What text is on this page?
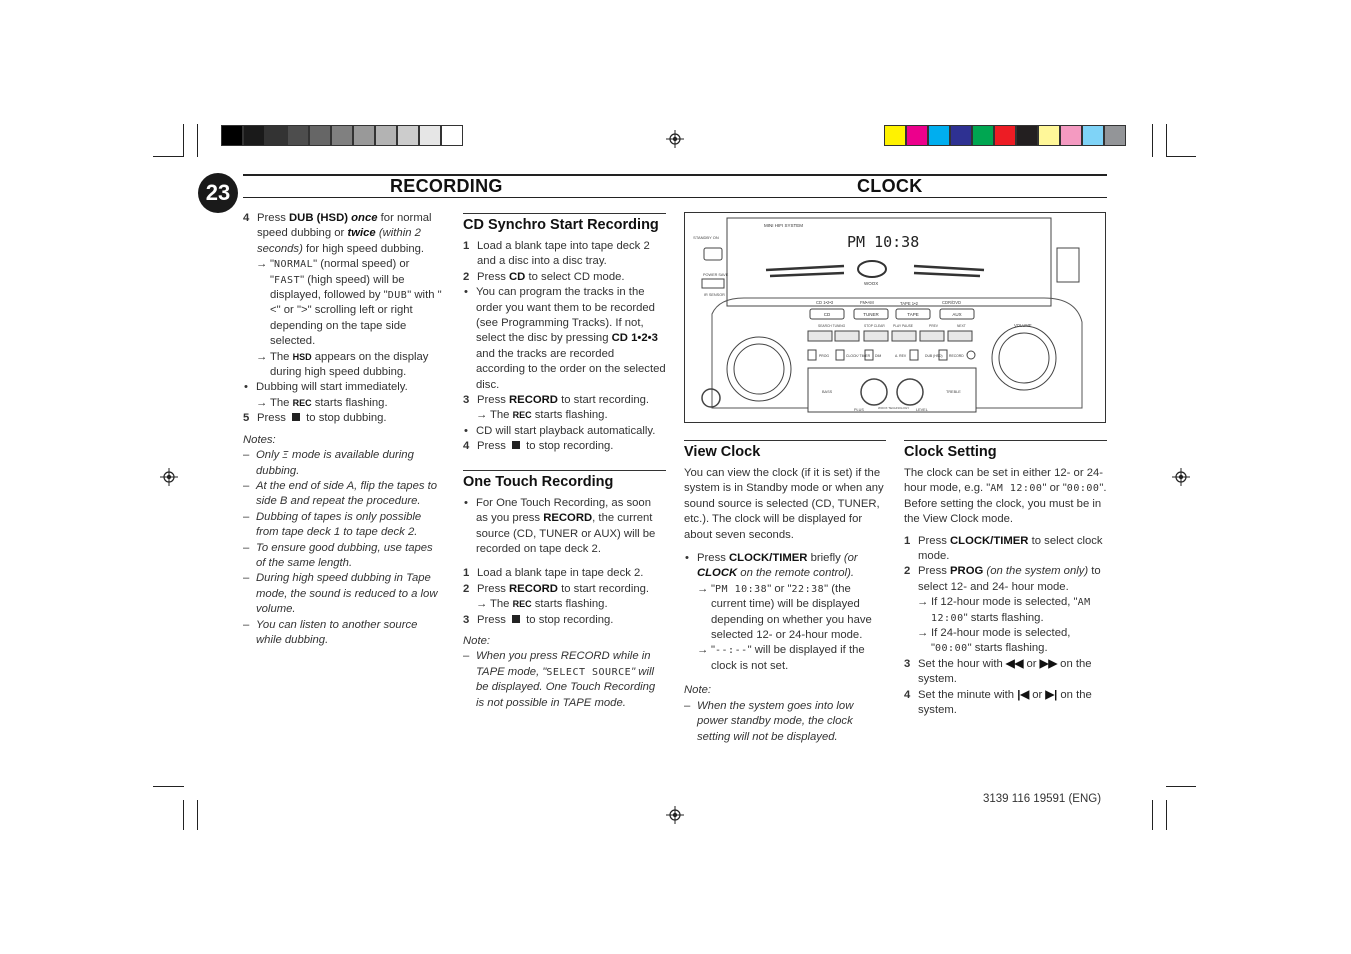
23	RECORDING	CLOCK
4 Press DUB (HSD) once for normal speed dubbing or twice (within 2 seconds) for high speed dubbing.
→ "NORMAL" (normal speed) or "FAST" (high speed) will be displayed, followed by "DUB" with "<" or ">" scrolling left or right depending on the tape side selected.
→ The HSD appears on the display during high speed dubbing.
• Dubbing will start immediately.
→ The REC starts flashing.
5 Press  to stop dubbing.
Notes:
– Only Ξ mode is available during dubbing.
– At the end of side A, flip the tapes to side B and repeat the procedure.
– Dubbing of tapes is only possible from tape deck 1 to tape deck 2.
– To ensure good dubbing, use tapes of the same length.
– During high speed dubbing in Tape mode, the sound is reduced to a low volume.
– You can listen to another source while dubbing.
CD Synchro Start Recording
1 Load a blank tape into tape deck 2 and a disc into a disc tray.
2 Press CD to select CD mode.
• You can program the tracks in the order you want them to be recorded (see Programming Tracks). If not, select the disc by pressing CD 1•2•3 and the tracks are recorded according to the order on the selected disc.
3 Press RECORD to start recording.
→ The REC starts flashing.
• CD will start playback automatically.
4 Press  to stop recording.
One Touch Recording
• For One Touch Recording, as soon as you press RECORD, the current source (CD, TUNER or AUX) will be recorded on tape deck 2.
1 Load a blank tape in tape deck 2.
2 Press RECORD to start recording.
→ The REC starts flashing.
3 Press  to stop recording.
Note:
– When you press RECORD while in TAPE mode, "SELECT SOURCE" will be displayed. One Touch Recording is not possible in TAPE mode.
MINI HIFI SYSTEM
PM 10:38
WOOX
STANDBY ON
POWER SAVE
IR SENSOR
VOLUME
CD 1•2•3	FM•AM	TAPE 1•2	CDR/DVD
CD	TUNER	TAPE	AUX
SEARCH TUNING	STOP CLEAR PLAY PAUSE	PREV	NEXT
PROG	CLOCK/ TIMER DIM	A. REV	DUB (HSD) RECORD
BASS	TREBLE
PLUS	LEVEL
WOOX TECHNOLOGY
View Clock

You can view the clock (if it is set) if the system is in Standby mode or when any sound source is selected (CD, TUNER, etc.). The clock will be displayed for about seven seconds.

• Press CLOCK/TIMER briefly (or CLOCK on the remote control).
→ "PM 10:38" or "22:38" (the current time) will be displayed depending on whether you have selected 12- or 24-hour mode.
→ "--:--" will be displayed if the clock is not set.
Note:
– When the system goes into low power standby mode, the clock setting will not be displayed.
Clock Setting

The clock can be set in either 12- or 24-hour mode, e.g. "AM 12:00" or "00:00". Before setting the clock, you must be in the View Clock mode.

1 Press CLOCK/TIMER to select clock mode.
2 Press PROG (on the system only) to select 12- and 24- hour mode.
→ If 12-hour mode is selected, "AM 12:00" starts flashing.
→ If 24-hour mode is selected, "00:00" starts flashing.
3 Set the hour with ◀◀ or ▶▶ on the system.
4 Set the minute with |◀ or ▶| on the system.
3139 116 19591 (ENG)
